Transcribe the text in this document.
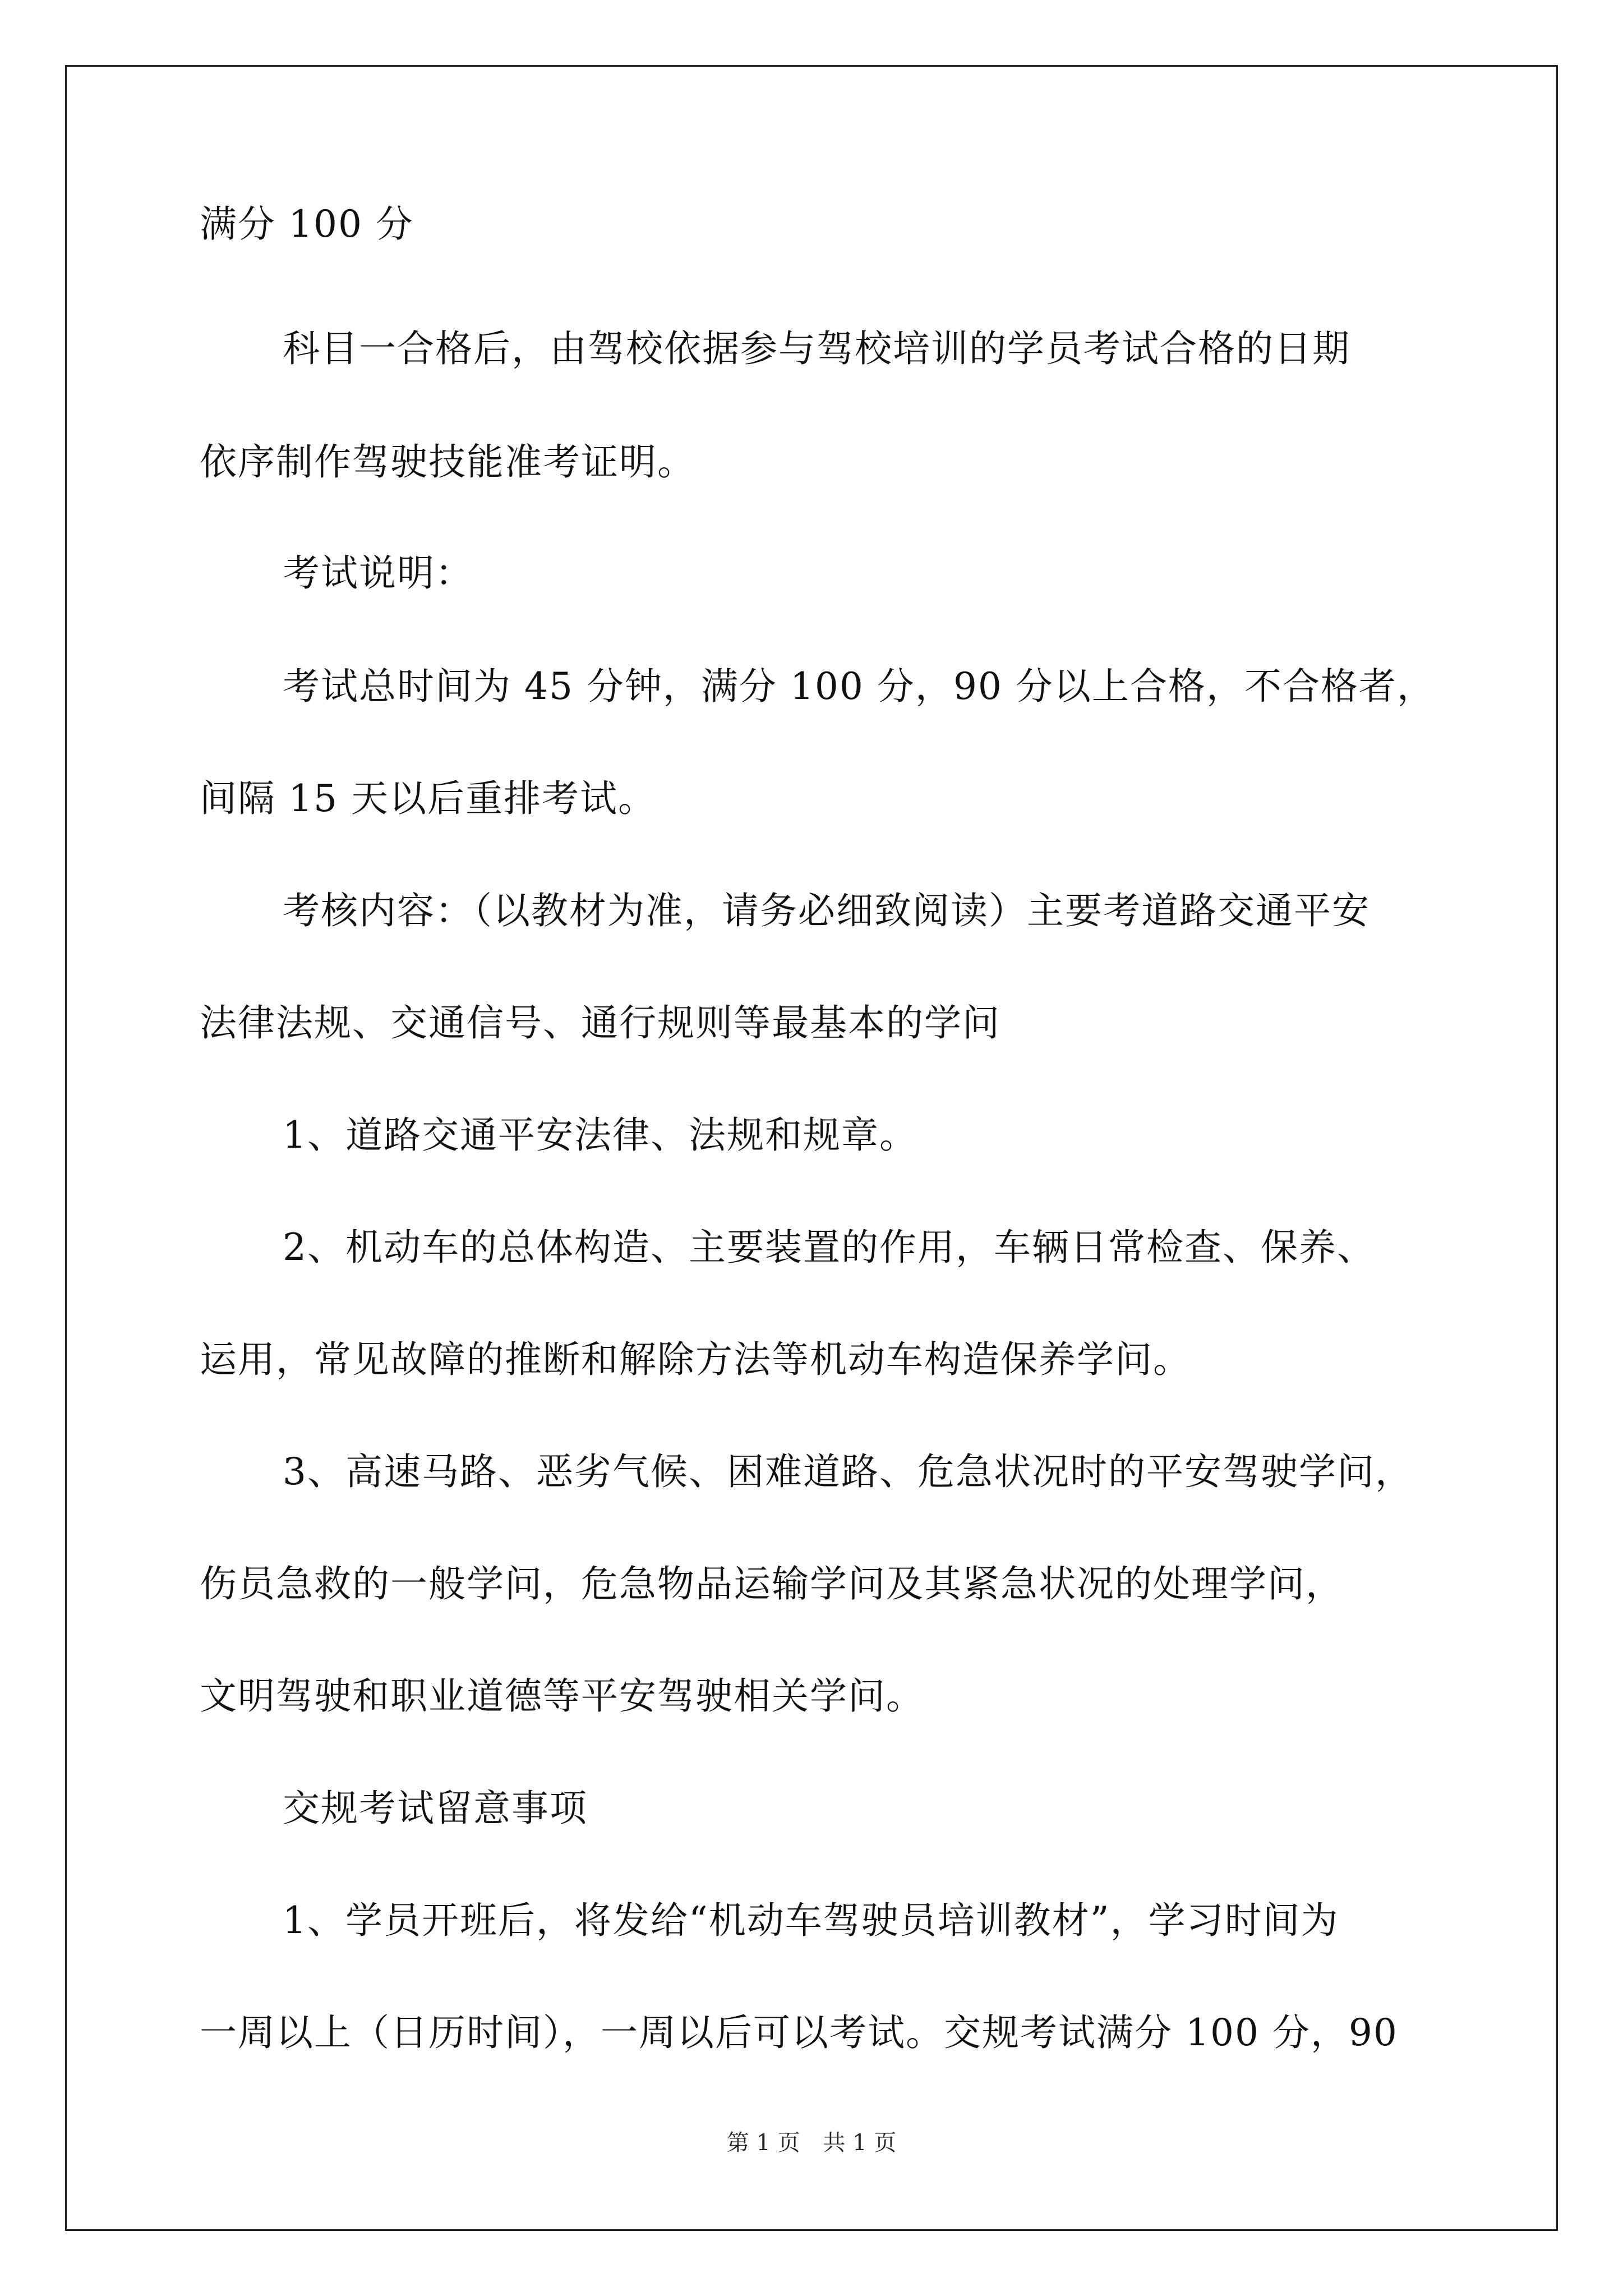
满分 100 分
科目一合格后，由驾校依据参与驾校培训的学员考试合格的日期
依序制作驾驶技能准考证明。
考试说明：
考试总时间为 45 分钟，满分 100 分，90 分以上合格，不合格者，
间隔 15 天以后重排考试。
考核内容：（以教材为准，请务必细致阅读）主要考道路交通平安
法律法规、交通信号、通行规则等最基本的学问
1、道路交通平安法律、法规和规章。
2、机动车的总体构造、主要装置的作用，车辆日常检查、保养、
运用，常见故障的推断和解除方法等机动车构造保养学问。
3、高速马路、恶劣气候、困难道路、危急状况时的平安驾驶学问，
伤员急救的一般学问，危急物品运输学问及其紧急状况的处理学问，
文明驾驶和职业道德等平安驾驶相关学问。
交规考试留意事项
1、学员开班后，将发给“机动车驾驶员培训教材”，学习时间为
一周以上（日历时间），一周以后可以考试。交规考试满分 100 分，90
第 1 页 共 1 页
